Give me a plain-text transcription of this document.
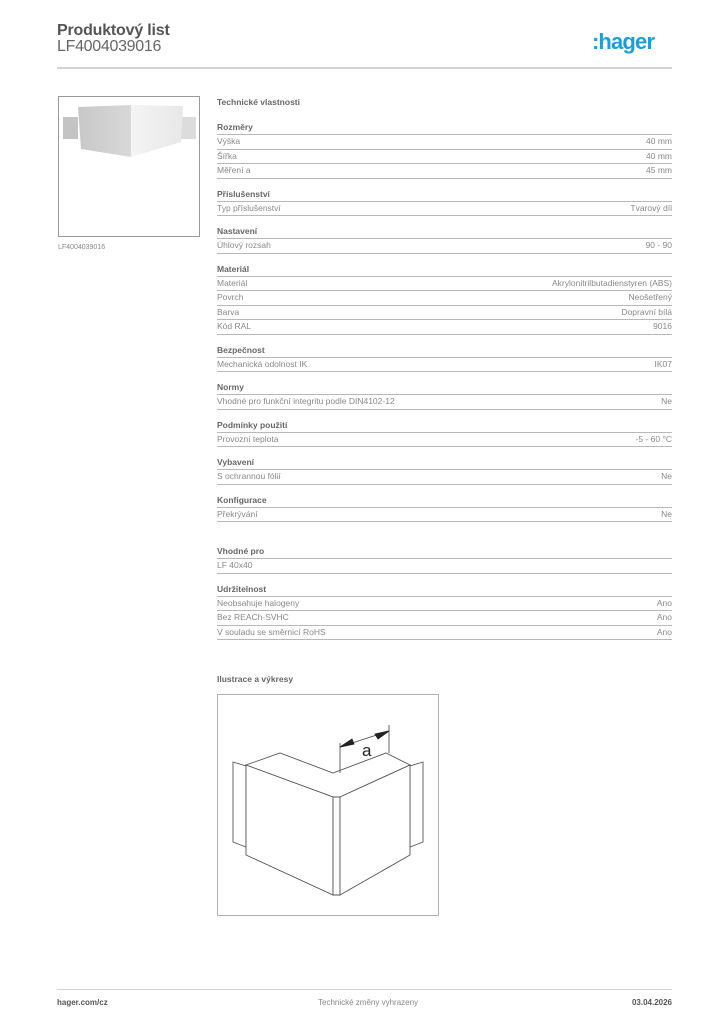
Produktový list
LF4004039016	:hager
LF4004039016
Technické vlastnosti
Rozměry
Výška	40 mm
Šířka	40 mm
Měření a	45 mm
Příslušenství
Typ příslušenství	Tvarový díl
Nastavení
Úhlový rozsah	90 - 90
Materiál
Materiál	Akrylonitrilbutadienstyren (ABS)
Povrch	Neošetřený
Barva	Dopravní bílá
Kód RAL	9016
Bezpečnost
Mechanická odolnost IK	IK07
Normy
Vhodné pro funkční integritu podle DIN4102-12	Ne
Podmínky použití
Provozní teplota	-5 - 60 °C
Vybavení
S ochrannou fólií	Ne
Konfigurace
Překrývání	Ne
Vhodné pro
LF 40x40
Udržitelnost
Neobsahuje halogeny	Ano
Bez REACh-SVHC	Ano
V souladu se směrnicí RoHS	Ano
Ilustrace a výkresy
a
hager.com/cz	Technické změny vyhrazeny	03.04.2026
